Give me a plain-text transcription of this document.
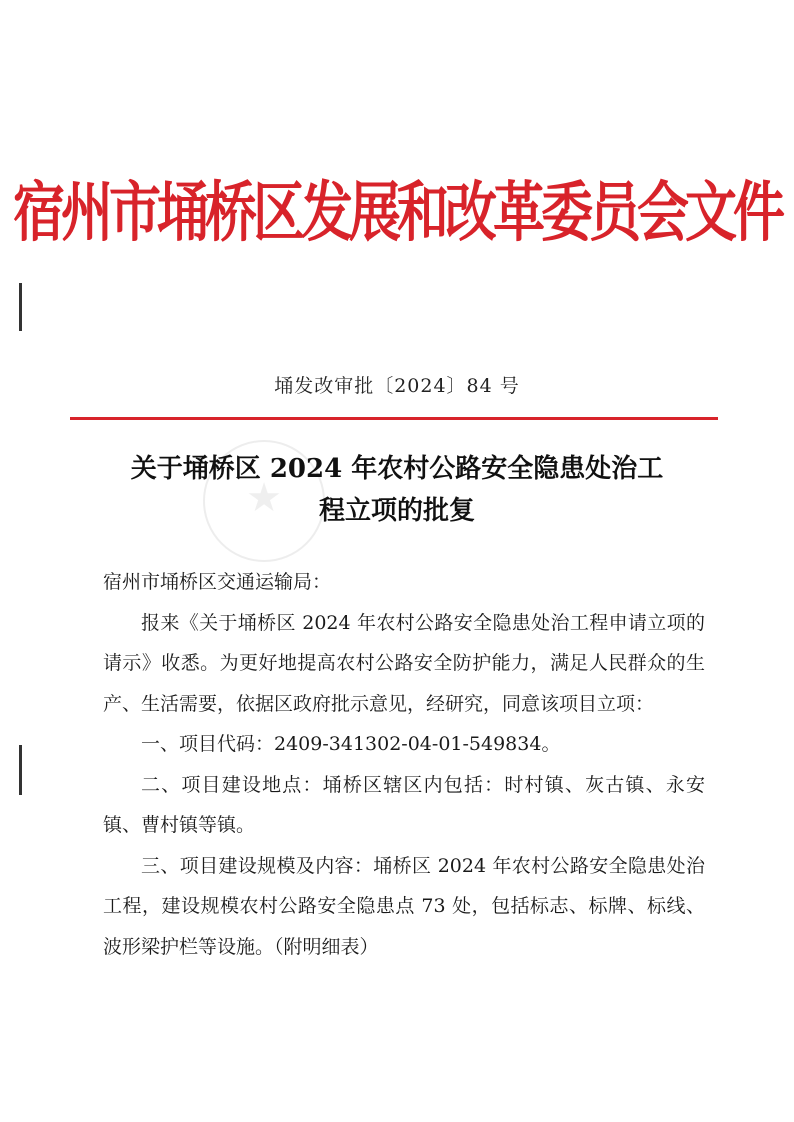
宿州市埇桥区发展和改革委员会文件
埇发改审批〔2024〕84 号
★
关于埇桥区 2024 年农村公路安全隐患处治工
程立项的批复

宿州市埇桥区交通运输局：

报来《关于埇桥区 2024 年农村公路安全隐患处治工程申请立项的请示》收悉。为更好地提高农村公路安全防护能力，满足人民群众的生产、生活需要，依据区政府批示意见，经研究，同意该项目立项：

一、项目代码：2409-341302-04-01-549834。

二、项目建设地点：埇桥区辖区内包括：时村镇、灰古镇、永安镇、曹村镇等镇。

三、项目建设规模及内容：埇桥区 2024 年农村公路安全隐患处治工程，建设规模农村公路安全隐患点 73 处，包括标志、标牌、标线、波形梁护栏等设施。（附明细表）
